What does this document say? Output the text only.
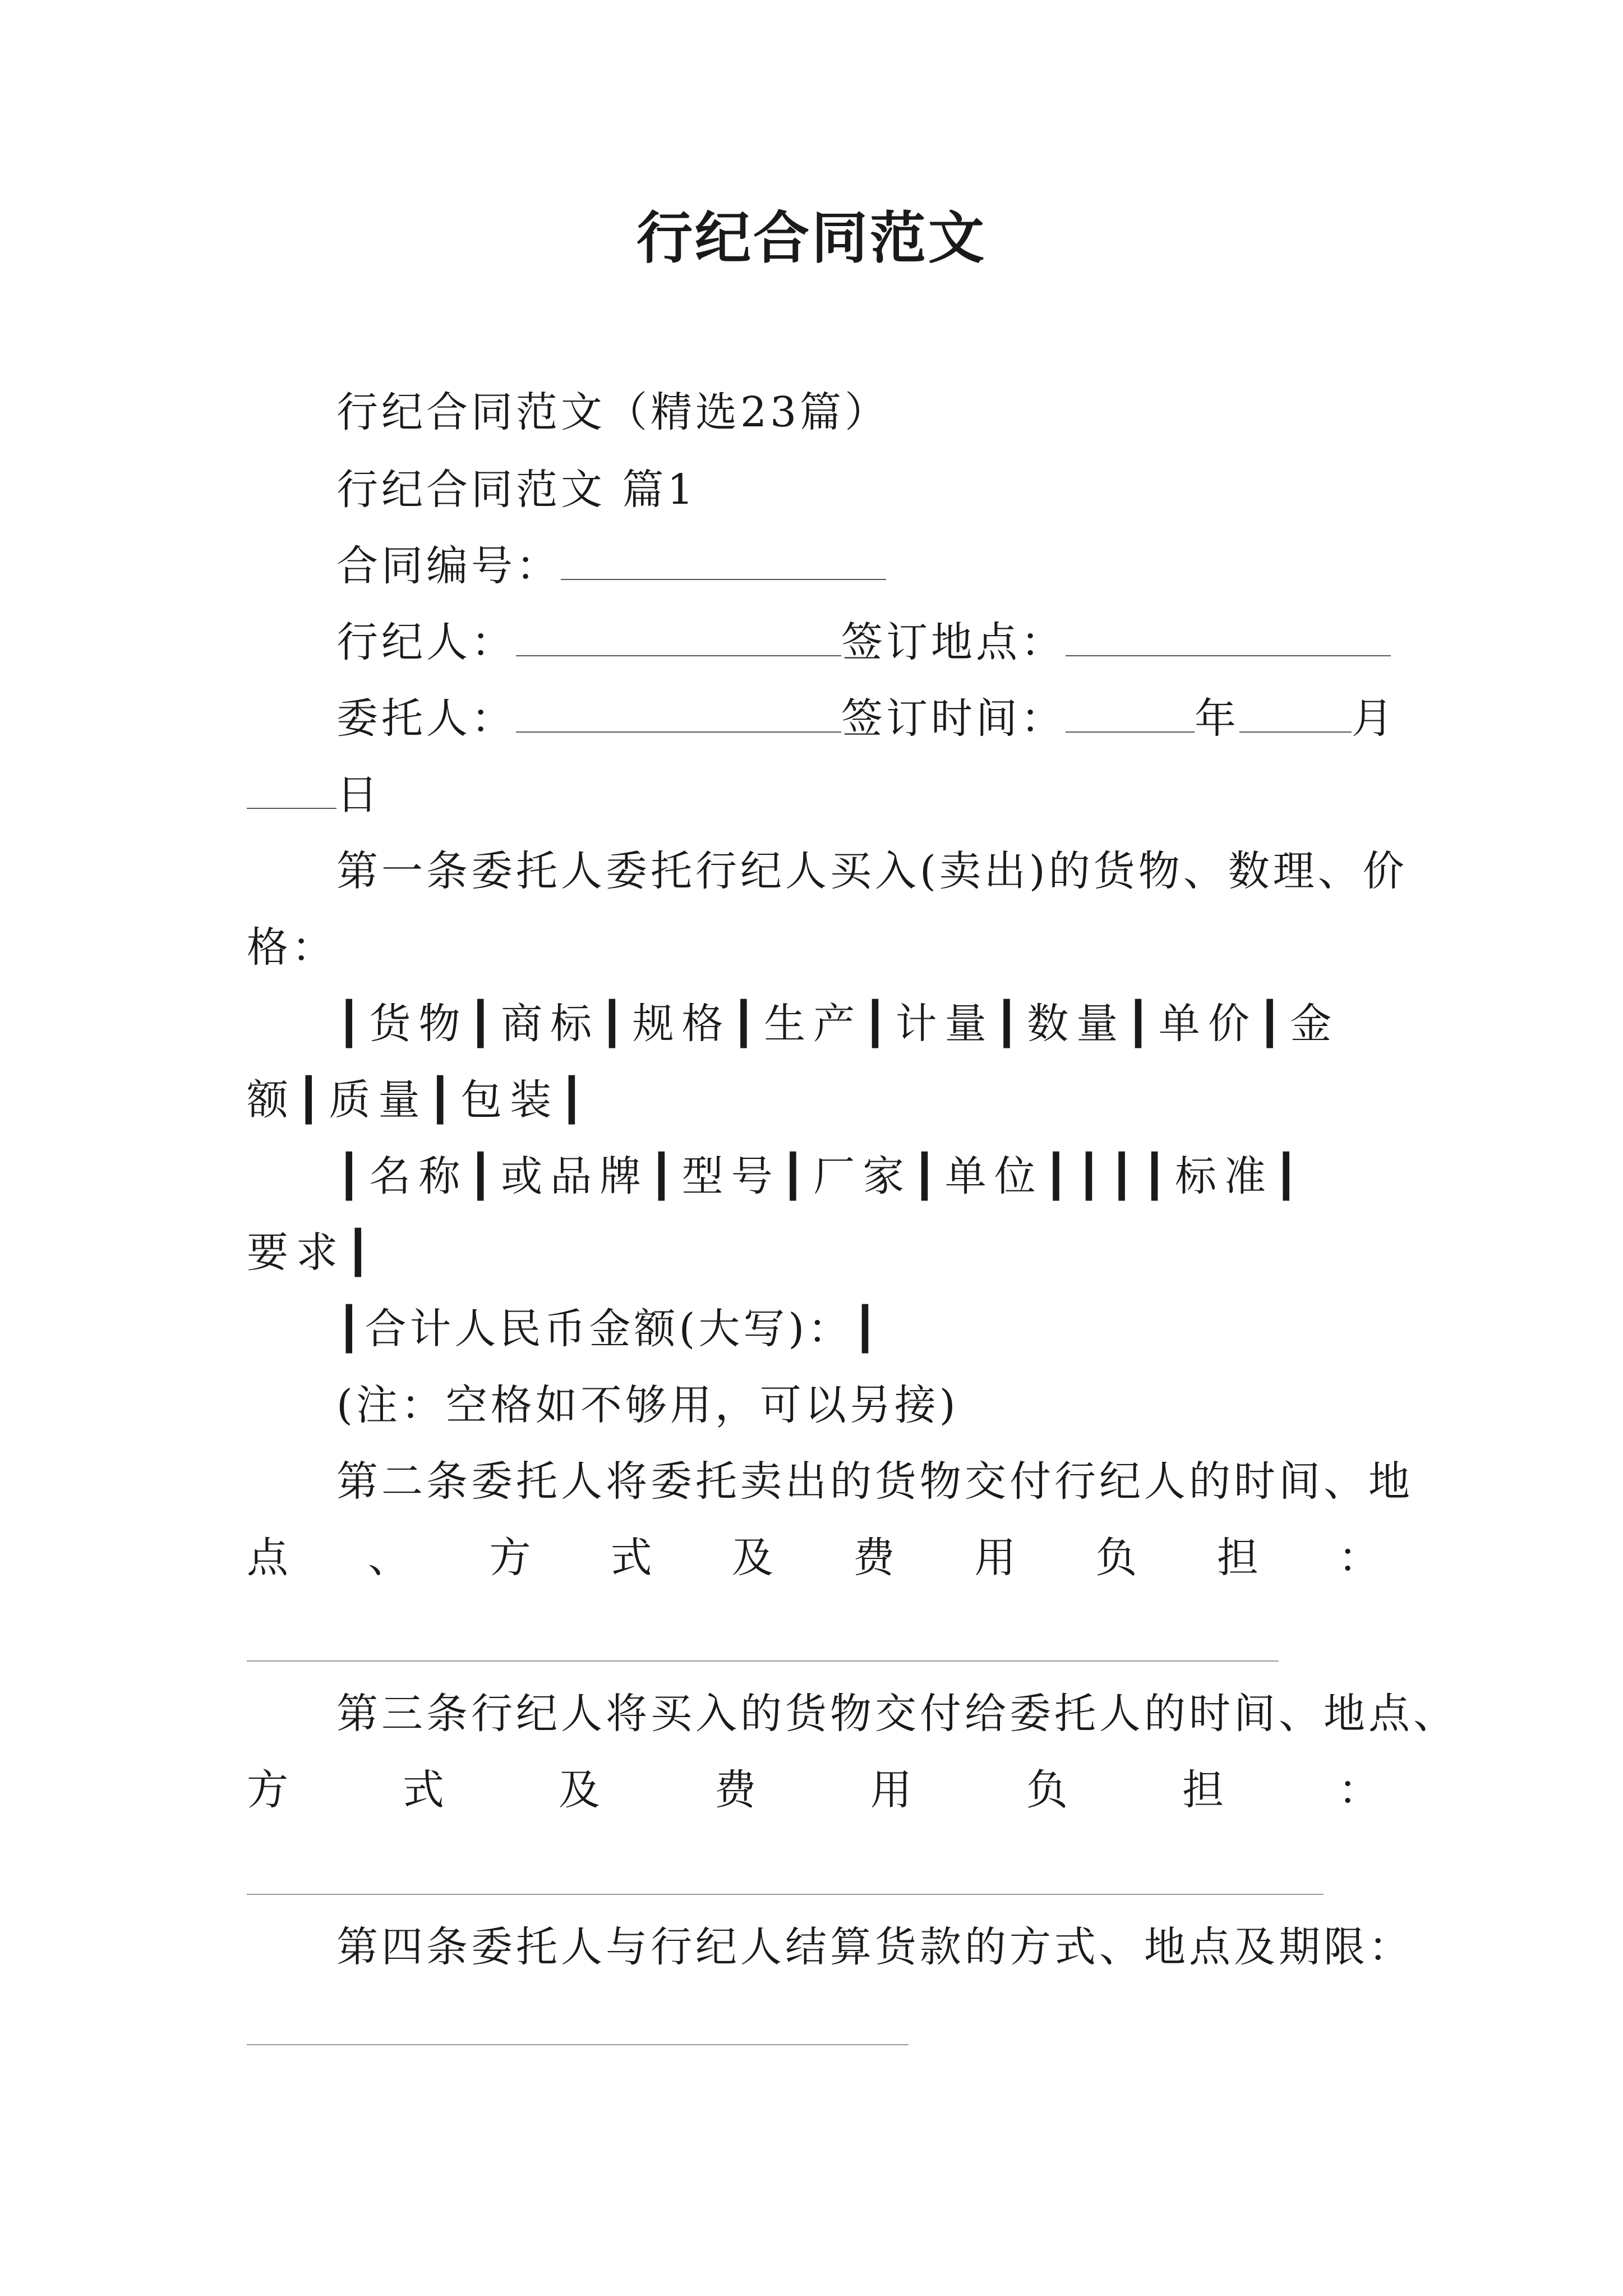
行纪合同范文
行纪合同范文（精选23篇）
行纪合同范文 篇1
合同编号：
行纪人：	签订地点：
委托人：	签订时间：	年	月
日
第一条委托人委托行纪人买入(卖出)的货物、数理、价
格：
┃货物┃商标┃规格┃生产┃计量┃数量┃单价┃金
额┃质量┃包装┃
┃名称┃或品牌┃型号┃厂家┃单位┃┃┃┃标准┃
要求┃
┃合计人民币金额(大写)：┃
(注：空格如不够用，可以另接)
第二条委托人将委托卖出的货物交付行纪人的时间、地
点 、 方 式 及 费 用 负 担 ：
第三条行纪人将买入的货物交付给委托人的时间、地点、
方	式	及	费	用	负	担	：
第四条委托人与行纪人结算货款的方式、地点及期限：
